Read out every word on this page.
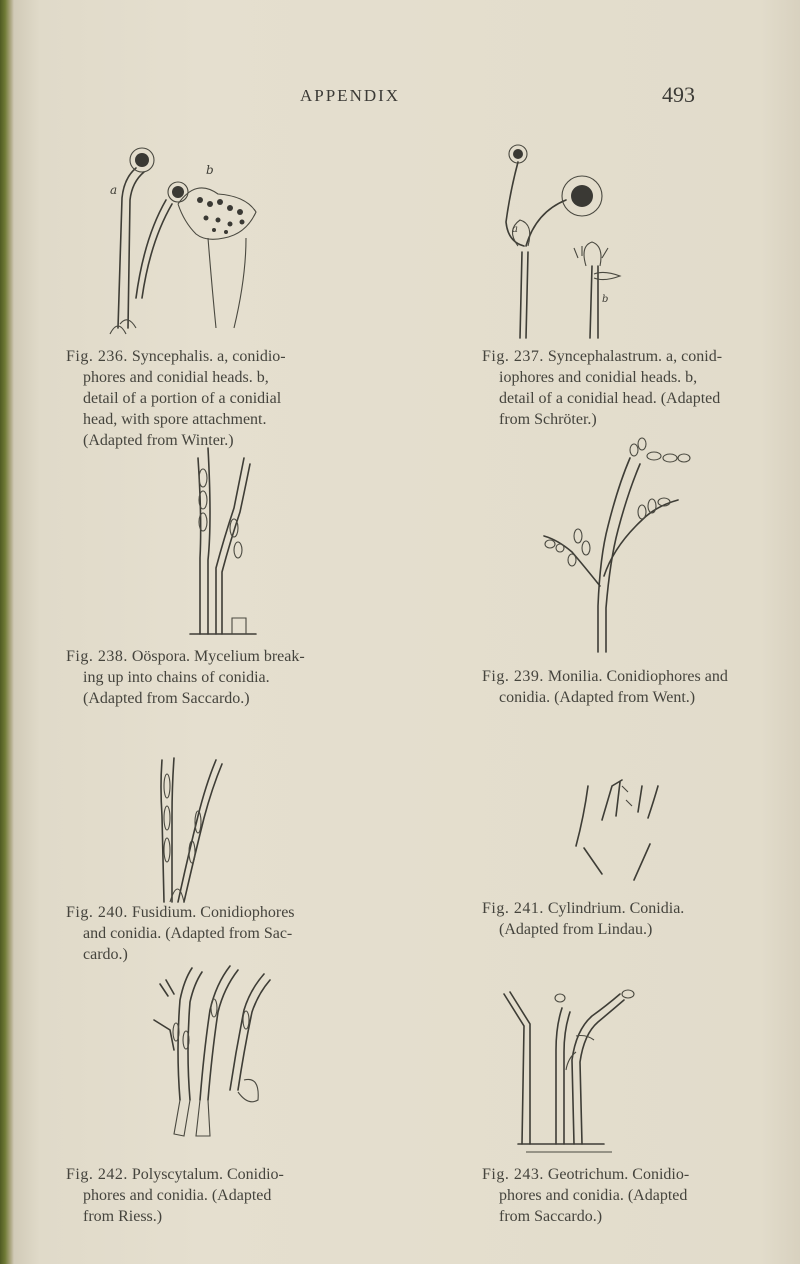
APPENDIX	493
a
b
Fig. 236. Syncephalis. a, conidio-
phores and conidial heads. b,
detail of a portion of a conidial
head, with spore attachment.
(Adapted from Winter.)
a
b
Fig. 237. Syncephalastrum. a, conid-
iophores and conidial heads. b,
detail of a conidial head. (Adapted
from Schröter.)
Fig. 238. Oöspora. Mycelium break-
ing up into chains of conidia.
(Adapted from Saccardo.)
Fig. 239. Monilia. Conidiophores and
conidia. (Adapted from Went.)
Fig. 240. Fusidium. Conidiophores
and conidia. (Adapted from Sac-
cardo.)
Fig. 241. Cylindrium. Conidia.
(Adapted from Lindau.)
Fig. 242. Polyscytalum. Conidio-
phores and conidia. (Adapted
from Riess.)
Fig. 243. Geotrichum. Conidio-
phores and conidia. (Adapted
from Saccardo.)
